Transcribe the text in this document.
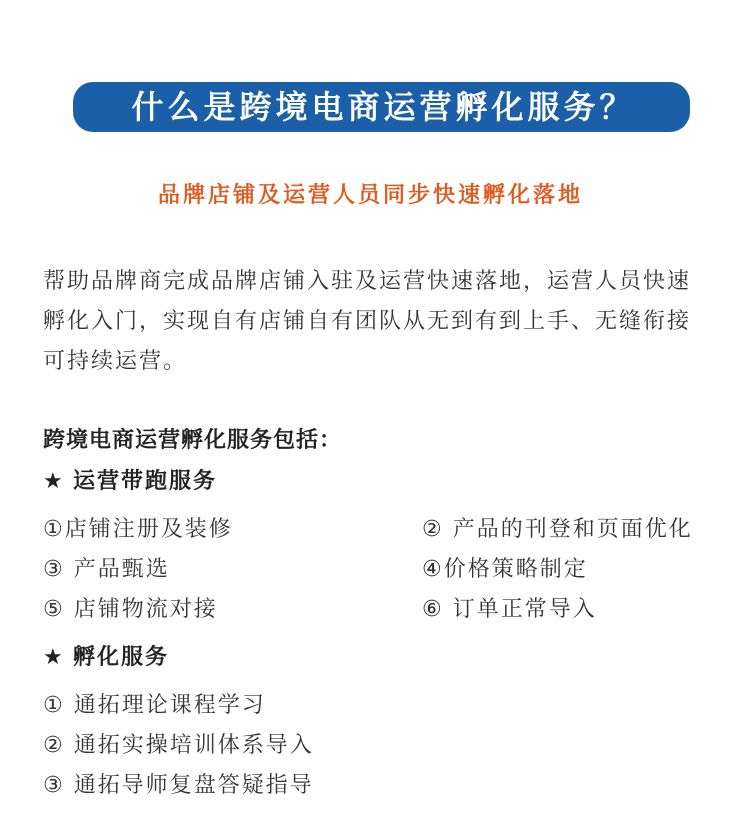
什么是跨境电商运营孵化服务？
品牌店铺及运营人员同步快速孵化落地
帮助品牌商完成品牌店铺入驻及运营快速落地，运营人员快速
孵化入门，实现自有店铺自有团队从无到有到上手、无缝衔接
可持续运营。
跨境电商运营孵化服务包括：
★运营带跑服务
①店铺注册及装修	② 产品的刊登和页面优化
③ 产品甄选	④价格策略制定
⑤ 店铺物流对接	⑥ 订单正常导入
★孵化服务
① 通拓理论课程学习
② 通拓实操培训体系导入
③ 通拓导师复盘答疑指导
